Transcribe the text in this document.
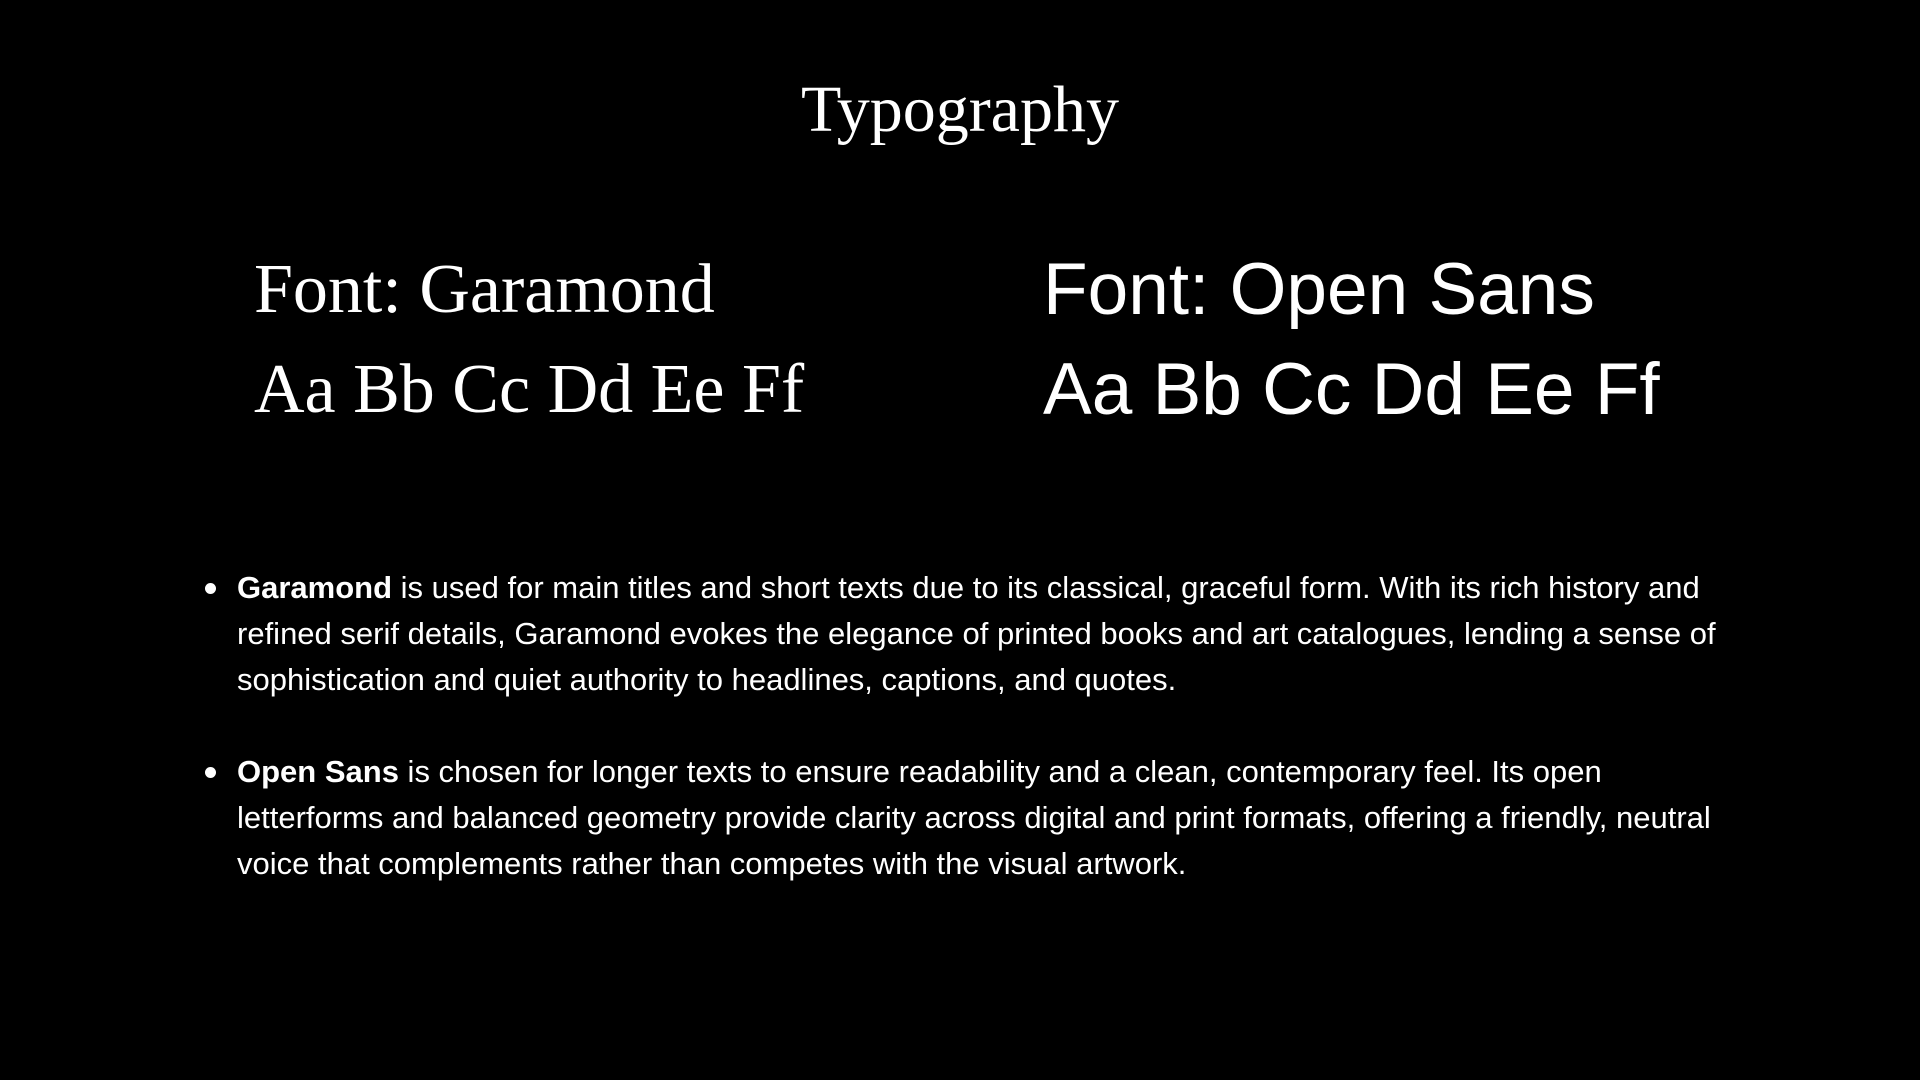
Typography
Font: Garamond
Aa Bb Cc Dd Ee Ff
Font: Open Sans
Aa Bb Cc Dd Ee Ff
Garamond is used for main titles and short texts due to its classical, graceful form. With its rich history and refined serif details, Garamond evokes the elegance of printed books and art catalogues, lending a sense of sophistication and quiet authority to headlines, captions, and quotes.
Open Sans is chosen for longer texts to ensure readability and a clean, contemporary feel. Its open letterforms and balanced geometry provide clarity across digital and print formats, offering a friendly, neutral voice that complements rather than competes with the visual artwork.
